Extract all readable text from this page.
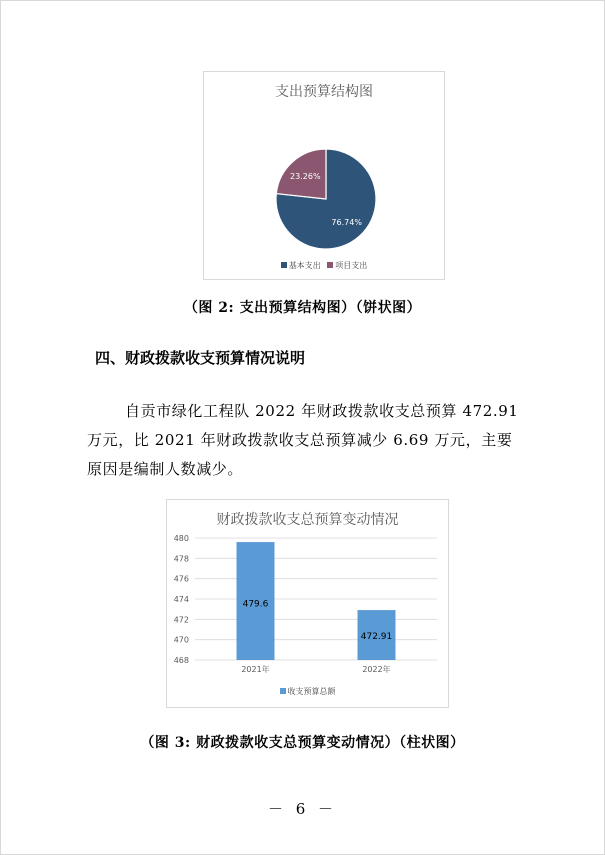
支出预算结构图
76.74%
23.26%
基本支出 项目支出
（图 2: 支出预算结构图）（饼状图）
四、财政拨款收支预算情况说明
自贡市绿化工程队 2022 年财政拨款收支总预算 472.91
万元，比 2021 年财政拨款收支总预算减少 6.69 万元，主要
原因是编制人数减少。
财政拨款收支总预算变动情况
468
470
472
474
476
478
480
479.6
2021年
472.91
2022年
收支预算总额
（图 3: 财政拨款收支总预算变动情况）（柱状图）
－ 6 －
